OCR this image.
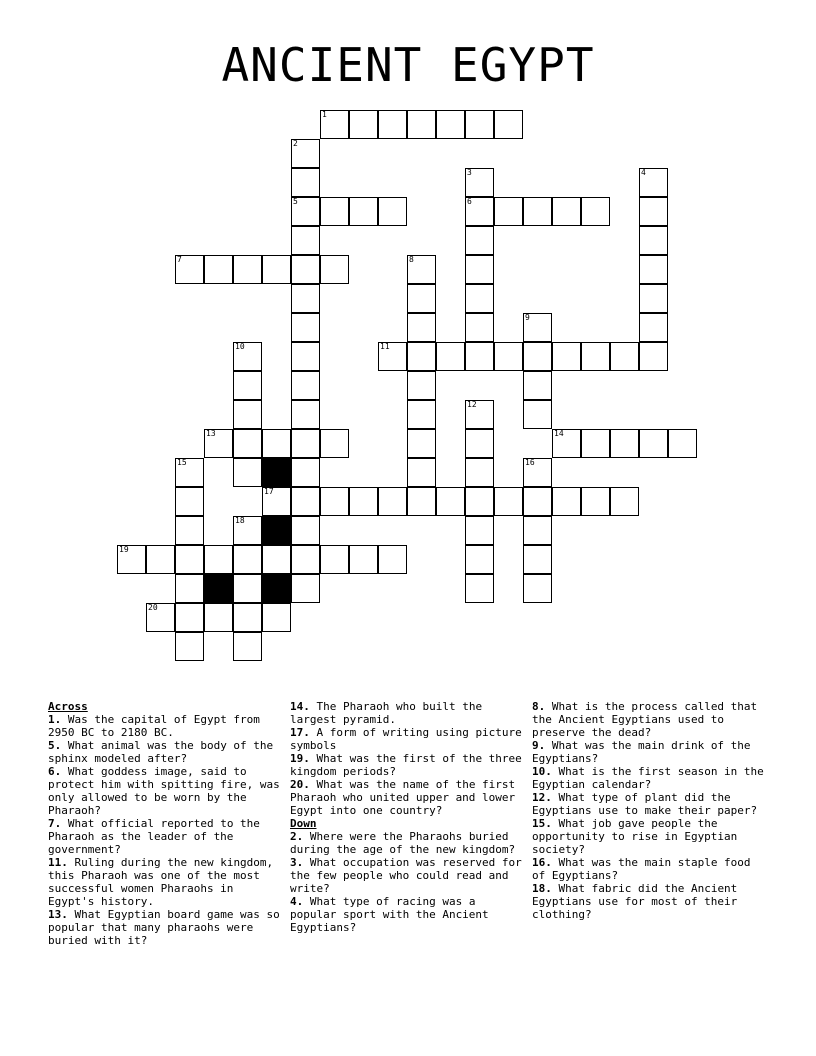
ANCIENT EGYPT
1
2
3	4
5	6
7	8
9
10	11
12
13	14
15	16
17
18
19
20
Across

1. Was the capital of Egypt from 2950 BC to 2180 BC.

5. What animal was the body of the sphinx modeled after?

6. What goddess image, said to protect him with spitting fire, was only allowed to be worn by the Pharaoh?

7. What official reported to the Pharaoh as the leader of the government?

11. Ruling during the new kingdom, this Pharaoh was one of the most successful women Pharaohs in Egypt's history.

13. What Egyptian board game was so popular that many pharaohs were buried with it?

14. The Pharaoh who built the largest pyramid.

17. A form of writing using picture symbols

19. What was the first of the three kingdom periods?

20. What was the name of the first Pharaoh who united upper and lower Egypt into one country?

Down

2. Where were the Pharaohs buried during the age of the new kingdom?

3. What occupation was reserved for the few people who could read and write?

4. What type of racing was a popular sport with the Ancient Egyptians?

8. What is the process called that the Ancient Egyptians used to preserve the dead?

9. What was the main drink of the Egyptians?

10. What is the first season in the Egyptian calendar?

12. What type of plant did the Egyptians use to make their paper?

15. What job gave people the opportunity to rise in Egyptian society?

16. What was the main staple food of Egyptians?

18. What fabric did the Ancient Egyptians use for most of their clothing?
